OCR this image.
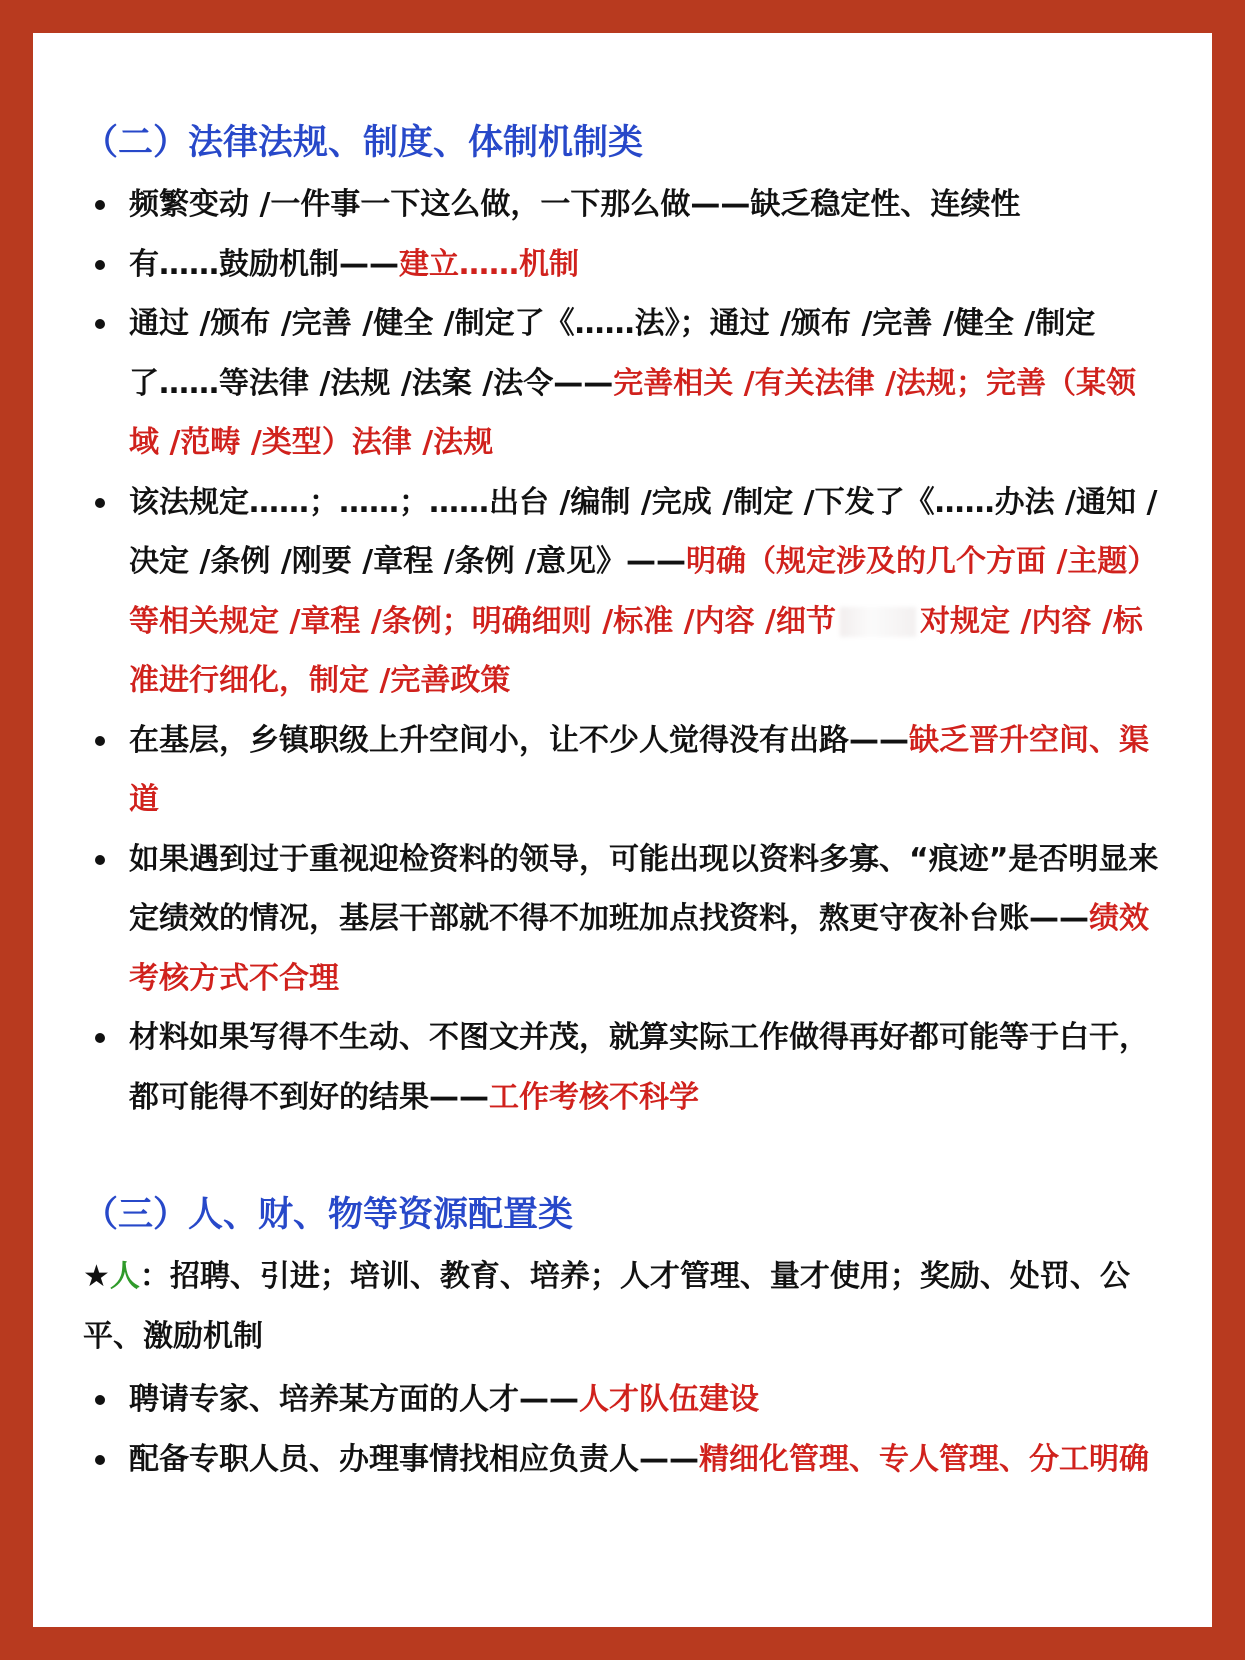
（二）法律法规、制度、体制机制类
频繁变动 /一件事一下这么做，一下那么做——缺乏稳定性、连续性
有……鼓励机制——建立……机制
通过 /颁布 /完善 /健全 /制定了《……法》；通过 /颁布 /完善 /健全 /制定了……等法律 /法规 /法案 /法令——完善相关 /有关法律 /法规；完善（某领域 /范畴 /类型）法律 /法规
该法规定……；……；……出台 /编制 /完成 /制定 /下发了《……办法 /通知 / 决定 /条例 /刚要 /章程 /条例 /意见》——明确（规定涉及的几个方面 /主题）等相关规定 /章程 /条例；明确细则 /标准 /内容 /细节	对规定 /内容 /标准进行细化，制定 /完善政策
在基层，乡镇职级上升空间小，让不少人觉得没有出路——缺乏晋升空间、渠道
如果遇到过于重视迎检资料的领导，可能出现以资料多寡、“痕迹”是否明显来定绩效的情况，基层干部就不得不加班加点找资料，熬更守夜补台账——绩效考核方式不合理
材料如果写得不生动、不图文并茂，就算实际工作做得再好都可能等于白干，都可能得不到好的结果——工作考核不科学
（三）人、财、物等资源配置类

★人：招聘、引进；培训、教育、培养；人才管理、量才使用；奖励、处罚、公平、激励机制

聘请专家、培养某方面的人才——人才队伍建设
配备专职人员、办理事情找相应负责人——精细化管理、专人管理、分工明确
